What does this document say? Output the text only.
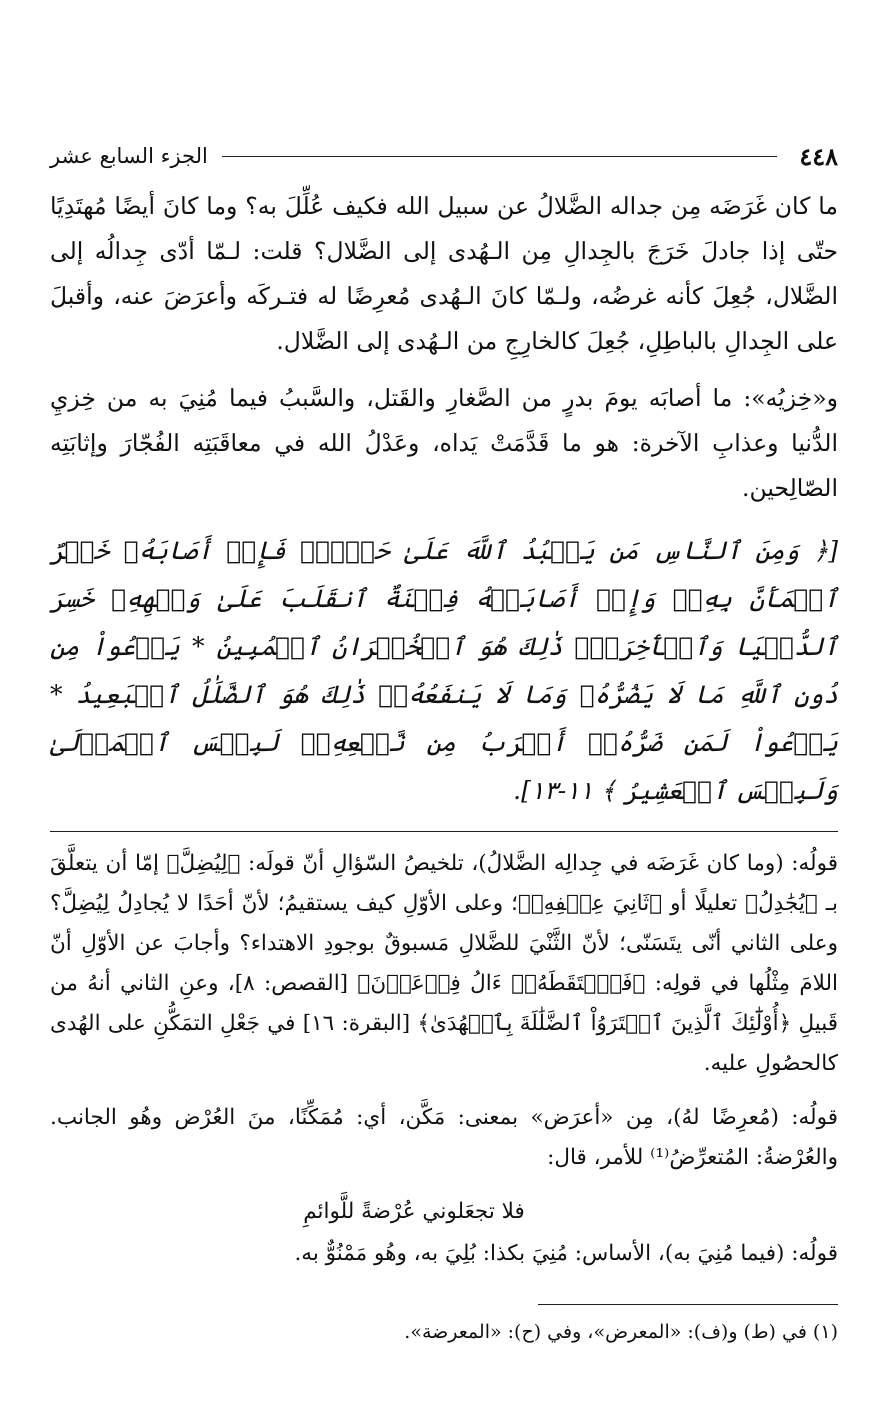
٤٤٨
الجزء السابع عشر

ما كان غَرَضَه مِن جداله الضَّلالُ عن سبيل الله فكيف عُلِّلَ به؟ وما كانَ أيضًا مُهتَدِيًا حتّى إذا جادلَ خَرَجَ بالجِدالِ مِن الـهُدى إلى الضَّلال؟ قلت: لـمّا أدّى جِدالُه إلى الضَّلال، جُعِلَ كأنه غرضُه، ولـمّا كانَ الـهُدى مُعرِضًا له فتـركَه وأعرَضَ عنه، وأقبلَ على الجِدالِ بالباطِلِ، جُعِلَ كالخارِجِ من الـهُدى إلى الضَّلال.

و«خِزيُه»: ما أصابَه يومَ بدرٍ من الصَّغارِ والقَتل، والسَّببُ فيما مُنِيَ به من خِزيِ الدُّنيا وعذابِ الآخرة: هو ما قَدَّمَتْ يَداه، وعَدْلُ الله في معاقَبَتِه الفُجّارَ وإثابَتِه الصّالِحين.

[﴿ وَمِنَ ٱلنَّاسِ مَن يَعۡبُدُ ٱللَّهَ عَلَىٰ حَرۡفٖۖ فَإِنۡ أَصَابَهُۥ خَيۡرٌ ٱطۡمَأَنَّ بِهِۦۖ وَإِنۡ أَصَابَتۡهُ فِتۡنَةٌ ٱنقَلَبَ عَلَىٰ وَجۡهِهِۦ خَسِرَ ٱلدُّنۡيَا وَٱلۡأٓخِرَةَۚ ذَٰلِكَ هُوَ ٱلۡخُسۡرَانُ ٱلۡمُبِينُ * يَدۡعُواْ مِن دُونِ ٱللَّهِ مَا لَا يَضُرُّهُۥ وَمَا لَا يَنفَعُهُۥۚ ذَٰلِكَ هُوَ ٱلضَّلَٰلُ ٱلۡبَعِيدُ * يَدۡعُواْ لَمَن ضَرُّهُۥٓ أَقۡرَبُ مِن نَّفۡعِهِۦۚ لَبِئۡسَ ٱلۡمَوۡلَىٰ وَلَبِئۡسَ ٱلۡعَشِيرُ ﴾ ١١-١٣].

قولُه: (وما كان غَرَضَه في جِدالِه الضَّلالُ)، تلخيصُ السّؤالِ أنّ قولَه: ﴿لِيُضِلَّ﴾ إمّا أن يتعلَّقَ بـ ﴿يُجَٰدِلُ﴾ تعليلًا أو ﴿ثَانِيَ عِطۡفِهِۦ﴾؛ وعلى الأوّلِ كيف يستقيمُ؛ لأنّ أحَدًا لا يُجادِلُ لِيُضِلَّ؟ وعلى الثاني أنّى يتَسَنّى؛ لأنّ الثَّنْيَ للضَّلالِ مَسبوقٌ بوجودِ الاهتداء؟ وأجابَ عن الأوّلِ أنّ اللامَ مِثْلُها في قولِه: ﴿فَٱلۡتَقَطَهُۥٓ ءَالُ فِرۡعَوۡنَ﴾ [القصص: ٨]، وعنِ الثاني أنهُ من قَبيلِ ﴿أُوْلَٰٓئِكَ ٱلَّذِينَ ٱشۡتَرَوُاْ ٱلضَّلَٰلَةَ بِٱلۡهُدَىٰ﴾ [البقرة: ١٦] في جَعْلِ التمَكُّنِ على الهُدى كالحصُولِ عليه.

قولُه: (مُعرِضًا لهُ)، مِن «أعرَض» بمعنى: مَكَّن، أي: مُمَكِّنًا، منَ العُرْض وهُو الجانب. والعُرْضةُ: المُتعرِّضُ⁽¹⁾ للأمر، قال:

فلا تجعَلوني عُرْضةً للَّوائمِ

قولُه: (فيما مُنِيَ به)، الأساس: مُنِيَ بكذا: بُلِيَ به، وهُو مَمْنُوٌّ به.

(١) في (ط) و(ف): «المعرض»، وفي (ح): «المعرضة».
